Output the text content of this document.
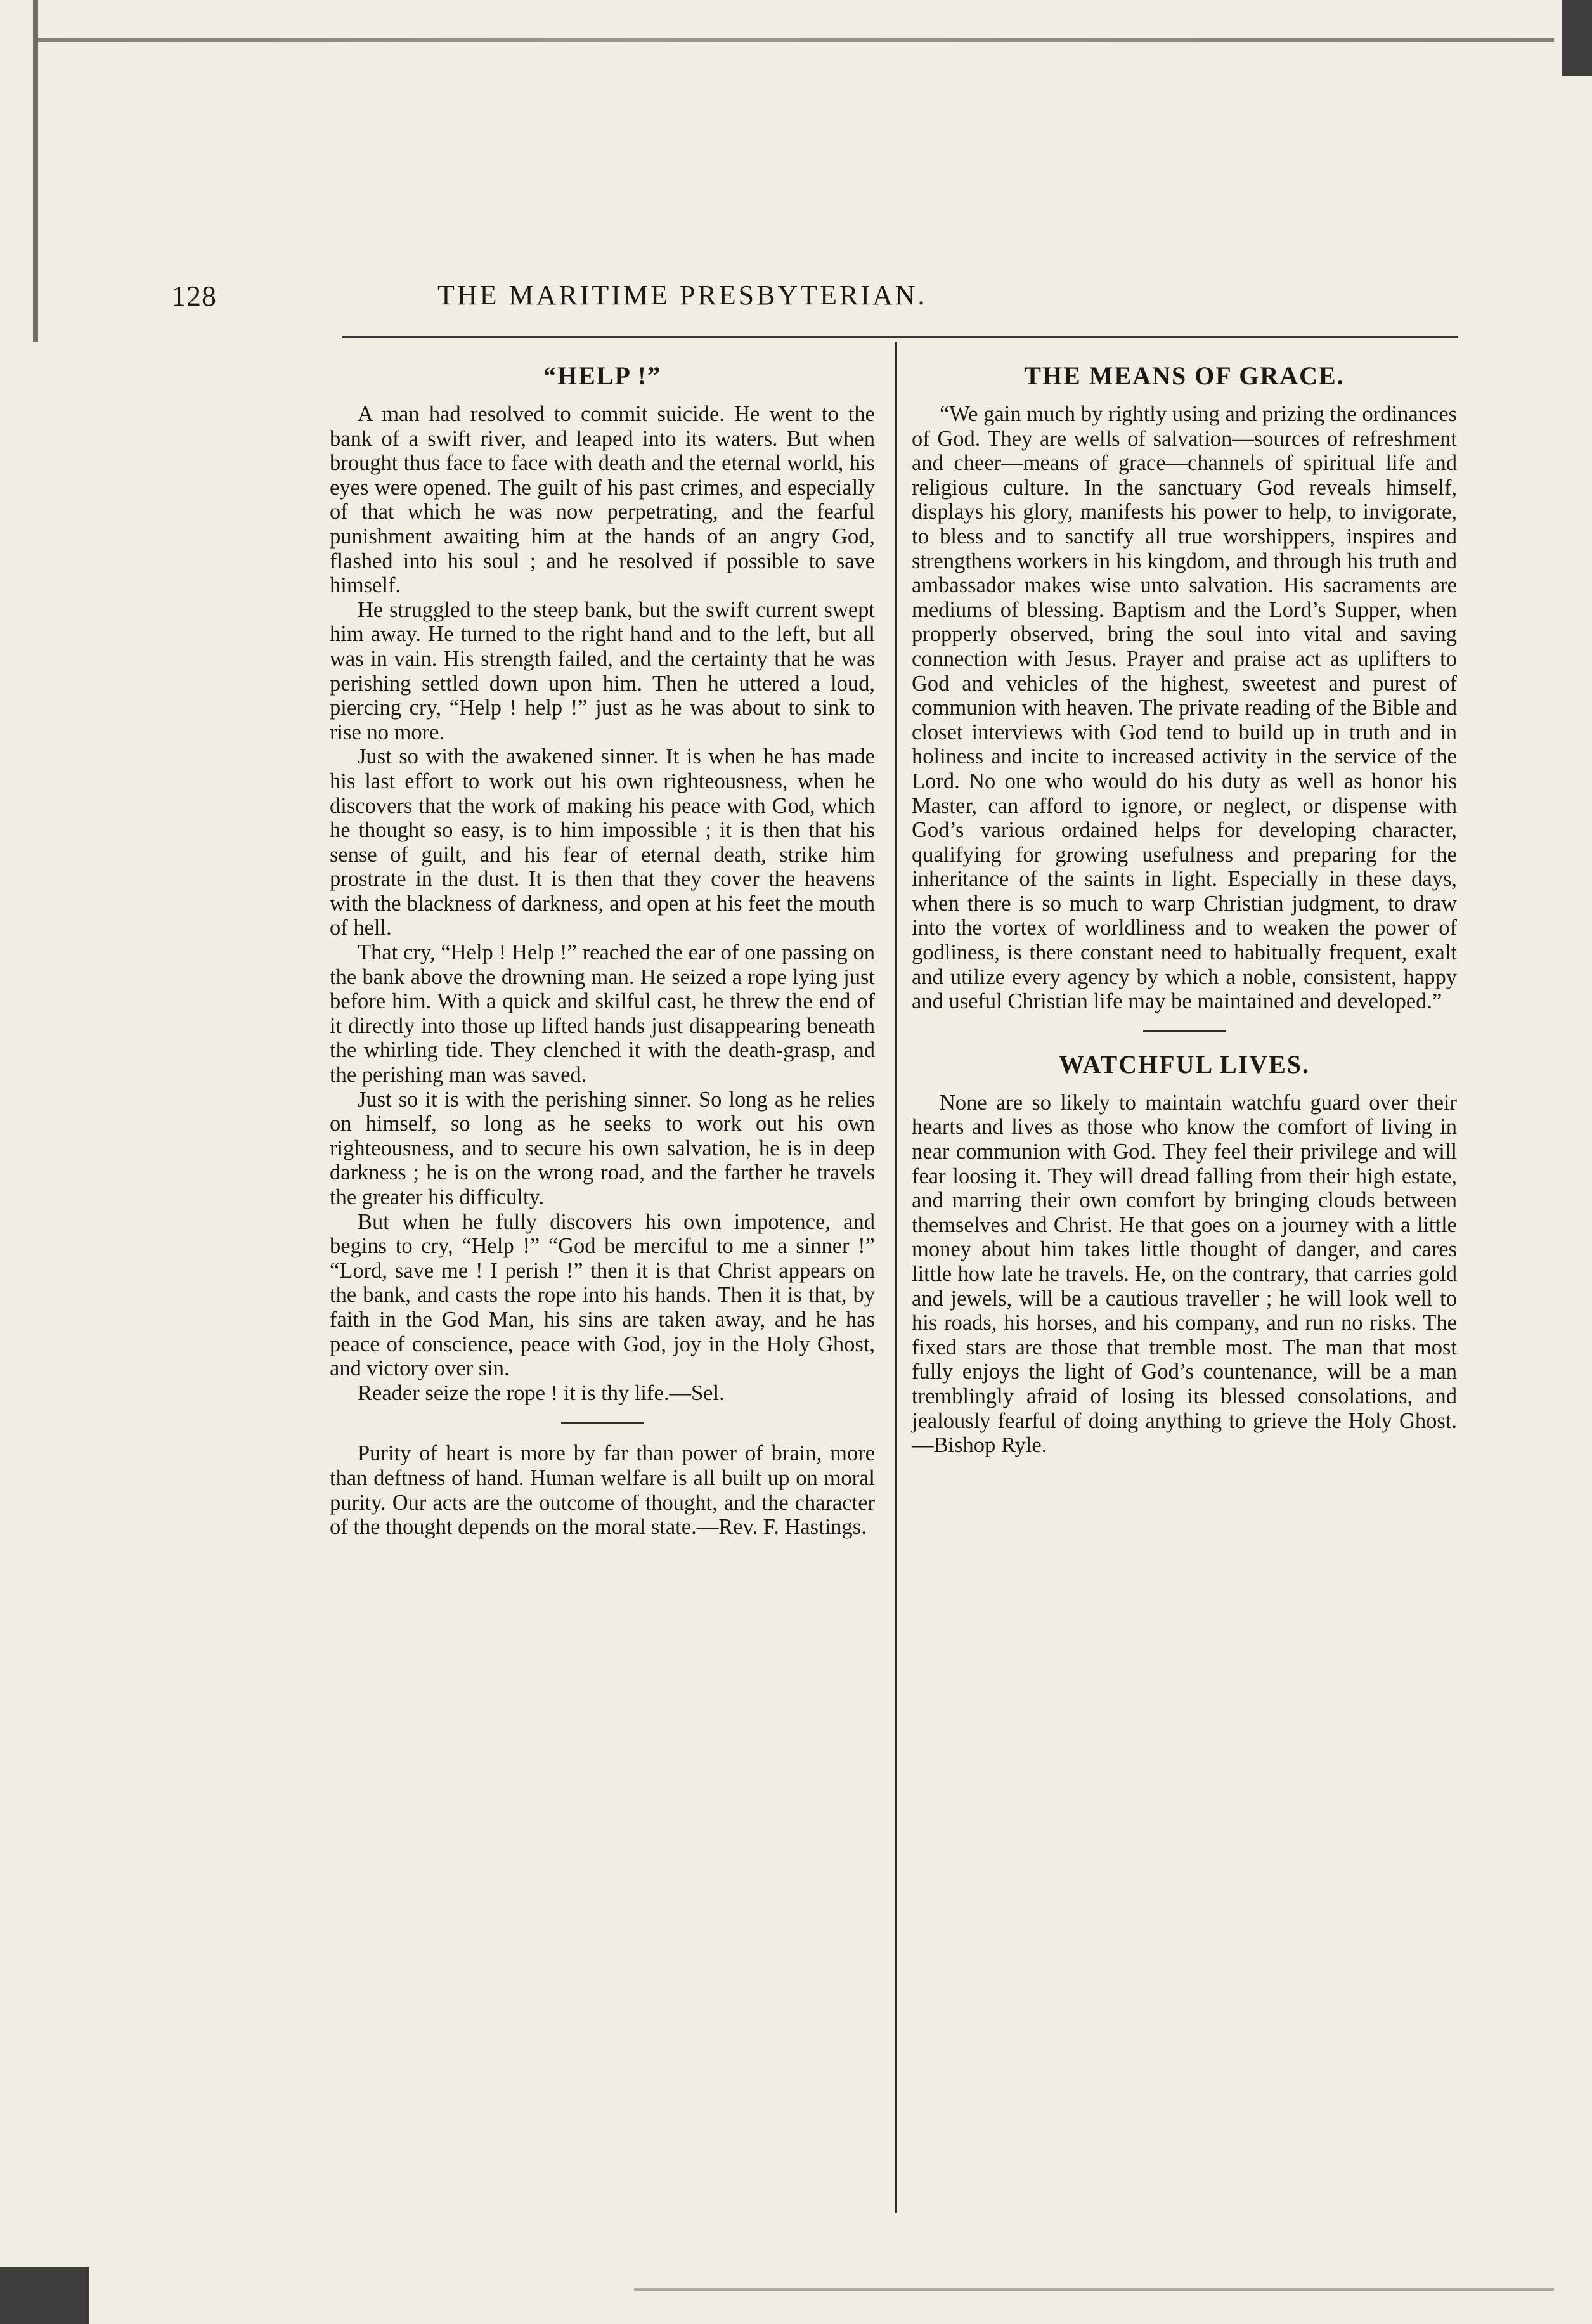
128	THE MARITIME PRESBYTERIAN.
“HELP !”

A man had resolved to commit suicide. He went to the bank of a swift river, and leaped into its waters. But when brought thus face to face with death and the eternal world, his eyes were opened. The guilt of his past crimes, and especially of that which he was now perpetrating, and the fearful punishment awaiting him at the hands of an angry God, flashed into his soul ; and he resolved if possible to save himself.

He struggled to the steep bank, but the swift current swept him away. He turned to the right hand and to the left, but all was in vain. His strength failed, and the certainty that he was perishing settled down upon him. Then he uttered a loud, piercing cry, “Help ! help !” just as he was about to sink to rise no more.

Just so with the awakened sinner. It is when he has made his last effort to work out his own righteousness, when he discovers that the work of making his peace with God, which he thought so easy, is to him impossible ; it is then that his sense of guilt, and his fear of eternal death, strike him prostrate in the dust. It is then that they cover the heavens with the blackness of darkness, and open at his feet the mouth of hell.

That cry, “Help ! Help !” reached the ear of one passing on the bank above the drowning man. He seized a rope lying just before him. With a quick and skilful cast, he threw the end of it directly into those up lifted hands just disappearing beneath the whirling tide. They clenched it with the death-grasp, and the perishing man was saved.

Just so it is with the perishing sinner. So long as he relies on himself, so long as he seeks to work out his own righteousness, and to secure his own salvation, he is in deep darkness ; he is on the wrong road, and the farther he travels the greater his difficulty.

But when he fully discovers his own impotence, and begins to cry, “Help !” “God be merciful to me a sinner !” “Lord, save me ! I perish !” then it is that Christ appears on the bank, and casts the rope into his hands. Then it is that, by faith in the God Man, his sins are taken away, and he has peace of conscience, peace with God, joy in the Holy Ghost, and victory over sin.

Reader seize the rope ! it is thy life.—Sel.

Purity of heart is more by far than power of brain, more than deftness of hand. Human welfare is all built up on moral purity. Our acts are the outcome of thought, and the character of the thought depends on the moral state.—Rev. F. Hastings.

THE MEANS OF GRACE.

“We gain much by rightly using and prizing the ordinances of God. They are wells of salvation—sources of refreshment and cheer—means of grace—channels of spiritual life and religious culture. In the sanctuary God reveals himself, displays his glory, manifests his power to help, to invigorate, to bless and to sanctify all true worshippers, inspires and strengthens workers in his kingdom, and through his truth and ambassador makes wise unto salvation. His sacraments are mediums of blessing. Baptism and the Lord’s Supper, when propperly observed, bring the soul into vital and saving connection with Jesus. Prayer and praise act as uplifters to God and vehicles of the highest, sweetest and purest of communion with heaven. The private reading of the Bible and closet interviews with God tend to build up in truth and in holiness and incite to increased activity in the service of the Lord. No one who would do his duty as well as honor his Master, can afford to ignore, or neglect, or dispense with God’s various ordained helps for developing character, qualifying for growing usefulness and preparing for the inheritance of the saints in light. Especially in these days, when there is so much to warp Christian judgment, to draw into the vortex of worldliness and to weaken the power of godliness, is there constant need to habitually frequent, exalt and utilize every agency by which a noble, consistent, happy and useful Christian life may be maintained and developed.”

WATCHFUL LIVES.

None are so likely to maintain watchfu guard over their hearts and lives as those who know the comfort of living in near communion with God. They feel their privilege and will fear loosing it. They will dread falling from their high estate, and marring their own comfort by bringing clouds between themselves and Christ. He that goes on a journey with a little money about him takes little thought of danger, and cares little how late he travels. He, on the contrary, that carries gold and jewels, will be a cautious traveller ; he will look well to his roads, his horses, and his company, and run no risks. The fixed stars are those that tremble most. The man that most fully enjoys the light of God’s countenance, will be a man tremblingly afraid of losing its blessed consolations, and jealously fearful of doing anything to grieve the Holy Ghost.—Bishop Ryle.
